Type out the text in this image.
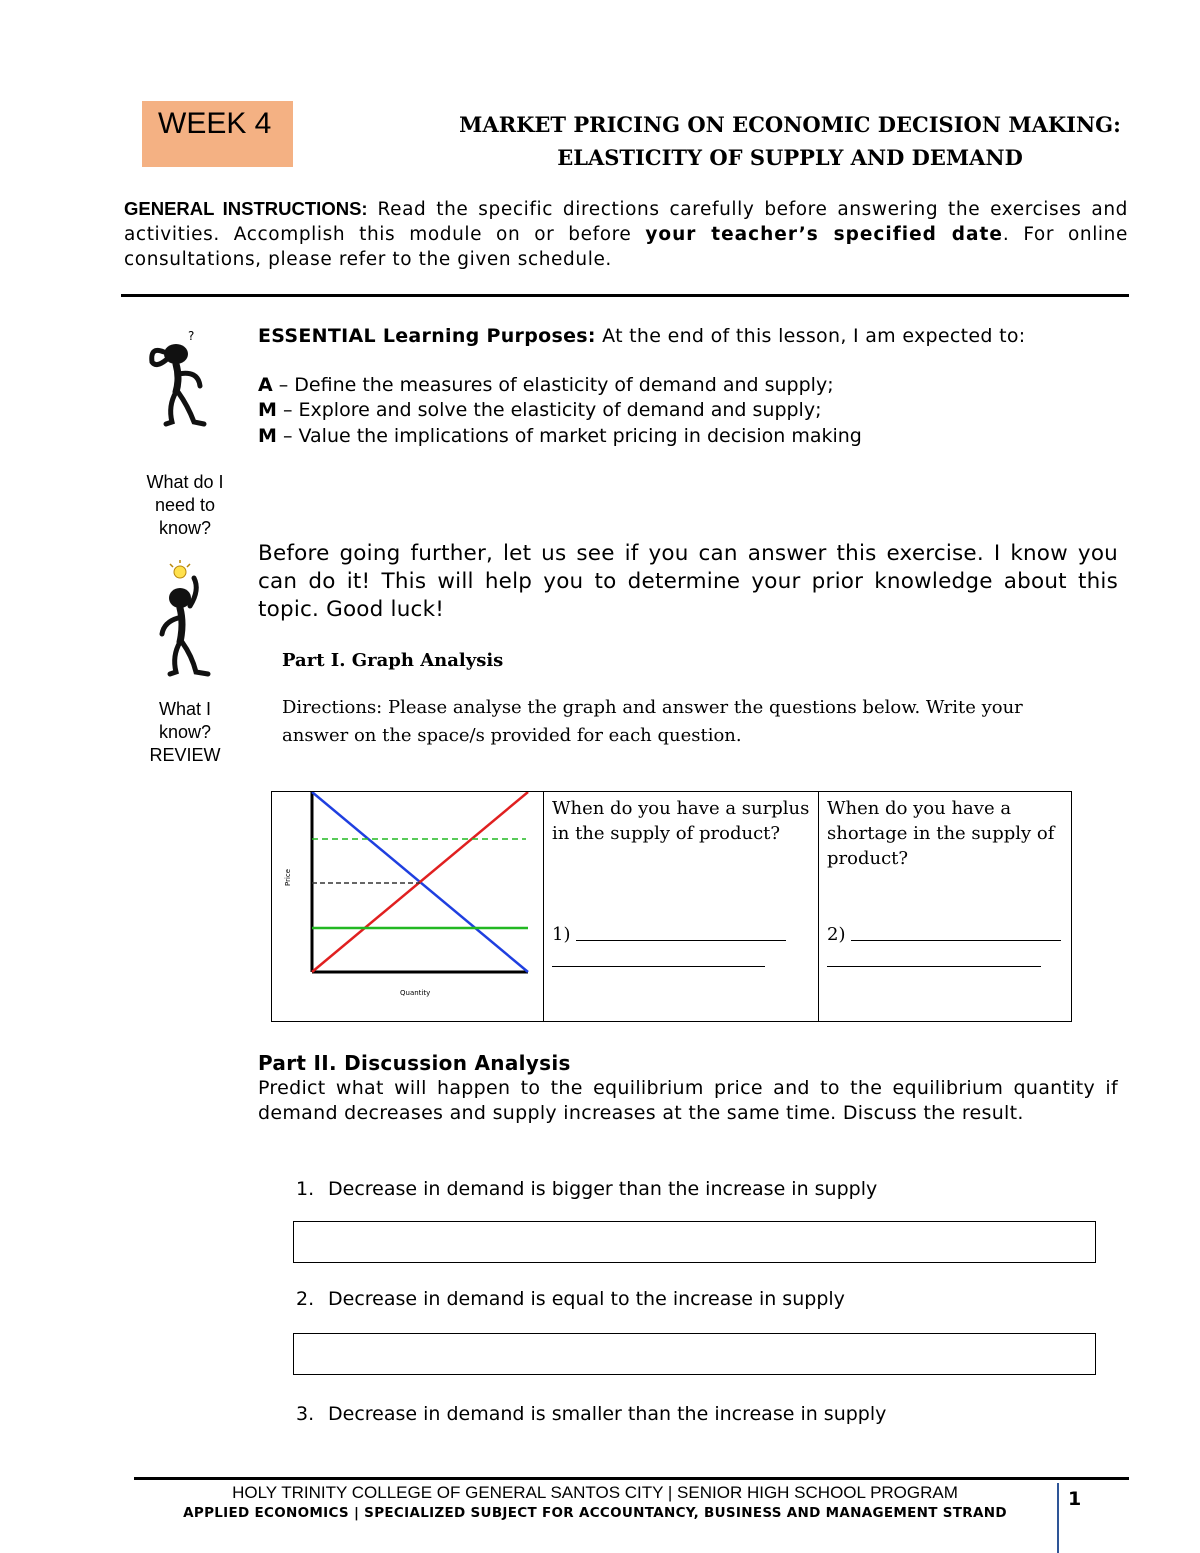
WEEK 4	MARKET PRICING ON ECONOMIC DECISION MAKING:
ELASTICITY OF SUPPLY AND DEMAND
GENERAL INSTRUCTIONS: Read the specific directions carefully before answering the exercises and activities. Accomplish this module on or before your teacher’s specified date. For online consultations, please refer to the given schedule.
?
What do I need to know?
ESSENTIAL Learning Purposes: At the end of this lesson, I am expected to:
A – Define the measures of elasticity of demand and supply;
M – Explore and solve the elasticity of demand and supply;
M – Value the implications of market pricing in decision making
What I
know?
REVIEW
Before going further, let us see if you can answer this exercise. I know you can do it! This will help you to determine your prior knowledge about this topic. Good luck!
Part I. Graph Analysis
Directions: Please analyse the graph and answer the questions below. Write your answer on the space/s provided for each question.
Price
Quantity
When do you have a surplus in the supply of product?
1)
When do you have a shortage in the supply of product?
2)
Part II. Discussion Analysis
Predict what will happen to the equilibrium price and to the equilibrium quantity if demand decreases and supply increases at the same time. Discuss the result.
1. Decrease in demand is bigger than the increase in supply
2. Decrease in demand is equal to the increase in supply
3. Decrease in demand is smaller than the increase in supply
HOLY TRINITY COLLEGE OF GENERAL SANTOS CITY | SENIOR HIGH SCHOOL PROGRAM
APPLIED ECONOMICS | SPECIALIZED SUBJECT FOR ACCOUNTANCY, BUSINESS AND MANAGEMENT STRAND
1
